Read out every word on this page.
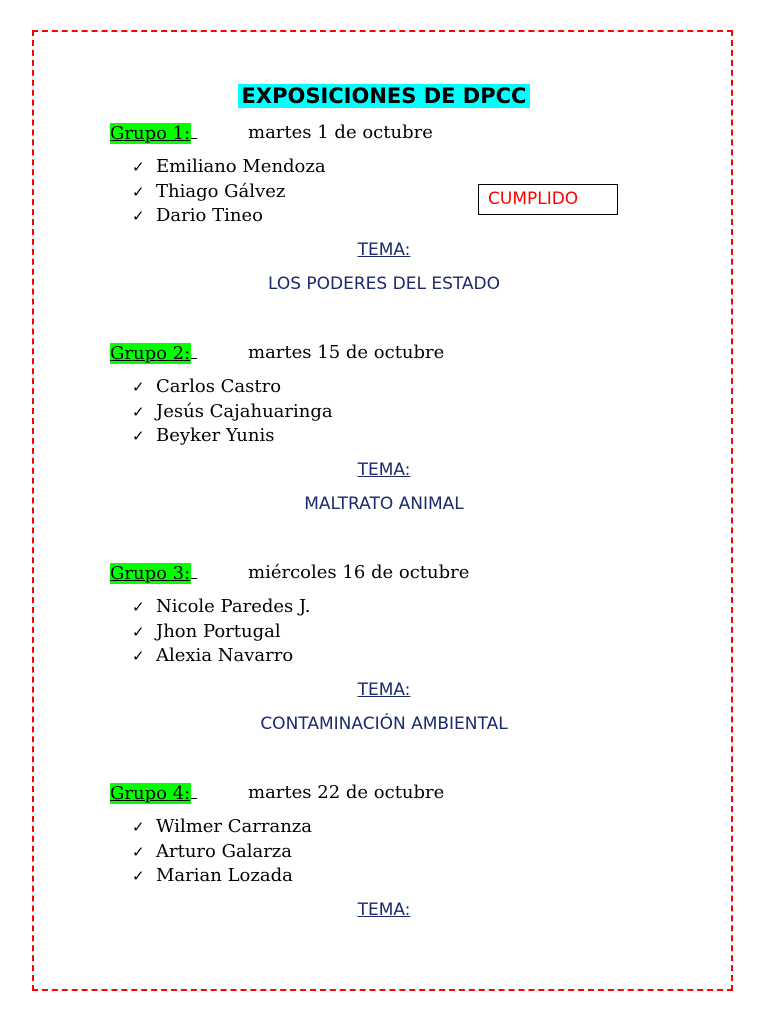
EXPOSICIONES DE DPCC
CUMPLIDO
Grupo 1:	martes 1 de octubre
✓ Emiliano Mendoza
✓ Thiago Gálvez
✓ Dario Tineo
TEMA:
LOS PODERES DEL ESTADO
Grupo 2:	martes 15 de octubre
✓ Carlos Castro
✓ Jesús Cajahuaringa
✓ Beyker Yunis
TEMA:
MALTRATO ANIMAL
Grupo 3:	miércoles 16 de octubre
✓ Nicole Paredes J.
✓ Jhon Portugal
✓ Alexia Navarro
TEMA:
CONTAMINACIÓN AMBIENTAL
Grupo 4:	martes 22 de octubre
✓ Wilmer Carranza
✓ Arturo Galarza
✓ Marian Lozada
TEMA:
